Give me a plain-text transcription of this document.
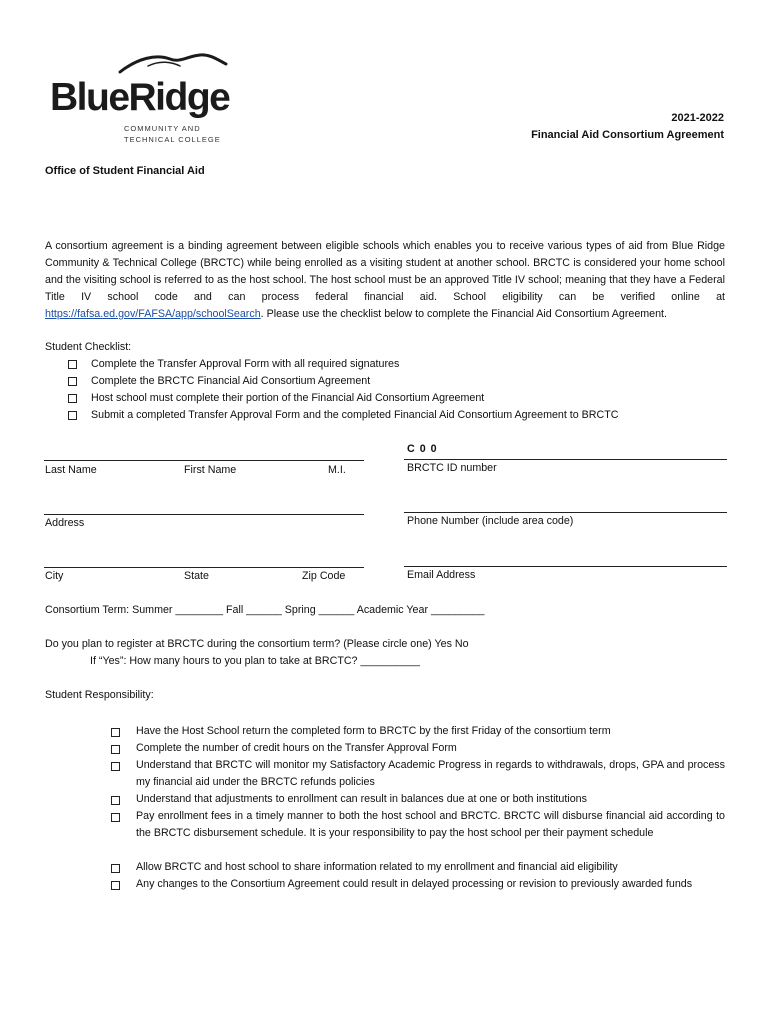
BlueRidge
COMMUNITY AND
TECHNICAL COLLEGE
2021-2022
Financial Aid Consortium Agreement
Office of Student Financial Aid
A consortium agreement is a binding agreement between eligible schools which enables you to receive various types of aid from Blue Ridge Community & Technical College (BRCTC) while being enrolled as a visiting student at another school. BRCTC is considered your home school and the visiting school is referred to as the host school. The host school must be an approved Title IV school; meaning that they have a Federal Title IV school code and can process federal financial aid. School eligibility can be verified online at https://fafsa.ed.gov/FAFSA/app/schoolSearch. Please use the checklist below to complete the Financial Aid Consortium Agreement.
Student Checklist:
Complete the Transfer Approval Form with all required signatures
Complete the BRCTC Financial Aid Consortium Agreement
Host school must complete their portion of the Financial Aid Consortium Agreement
Submit a completed Transfer Approval Form and the completed Financial Aid Consortium Agreement to BRCTC
C 0 0
Last Name	First Name	M.I.	BRCTC ID number
Address	Phone Number (include area code)
City	State	Zip Code	Email Address
Consortium Term: Summer ________ Fall ______ Spring ______ Academic Year _________
Do you plan to register at BRCTC during the consortium term? (Please circle one) Yes No
If “Yes”: How many hours to you plan to take at BRCTC? __________
Student Responsibility:
Have the Host School return the completed form to BRCTC by the first Friday of the consortium term
Complete the number of credit hours on the Transfer Approval Form
Understand that BRCTC will monitor my Satisfactory Academic Progress in regards to withdrawals, drops, GPA and process my financial aid under the BRCTC refunds policies
Understand that adjustments to enrollment can result in balances due at one or both institutions
Pay enrollment fees in a timely manner to both the host school and BRCTC. BRCTC will disburse financial aid according to the BRCTC disbursement schedule. It is your responsibility to pay the host school per their payment schedule
Allow BRCTC and host school to share information related to my enrollment and financial aid eligibility
Any changes to the Consortium Agreement could result in delayed processing or revision to previously awarded funds
